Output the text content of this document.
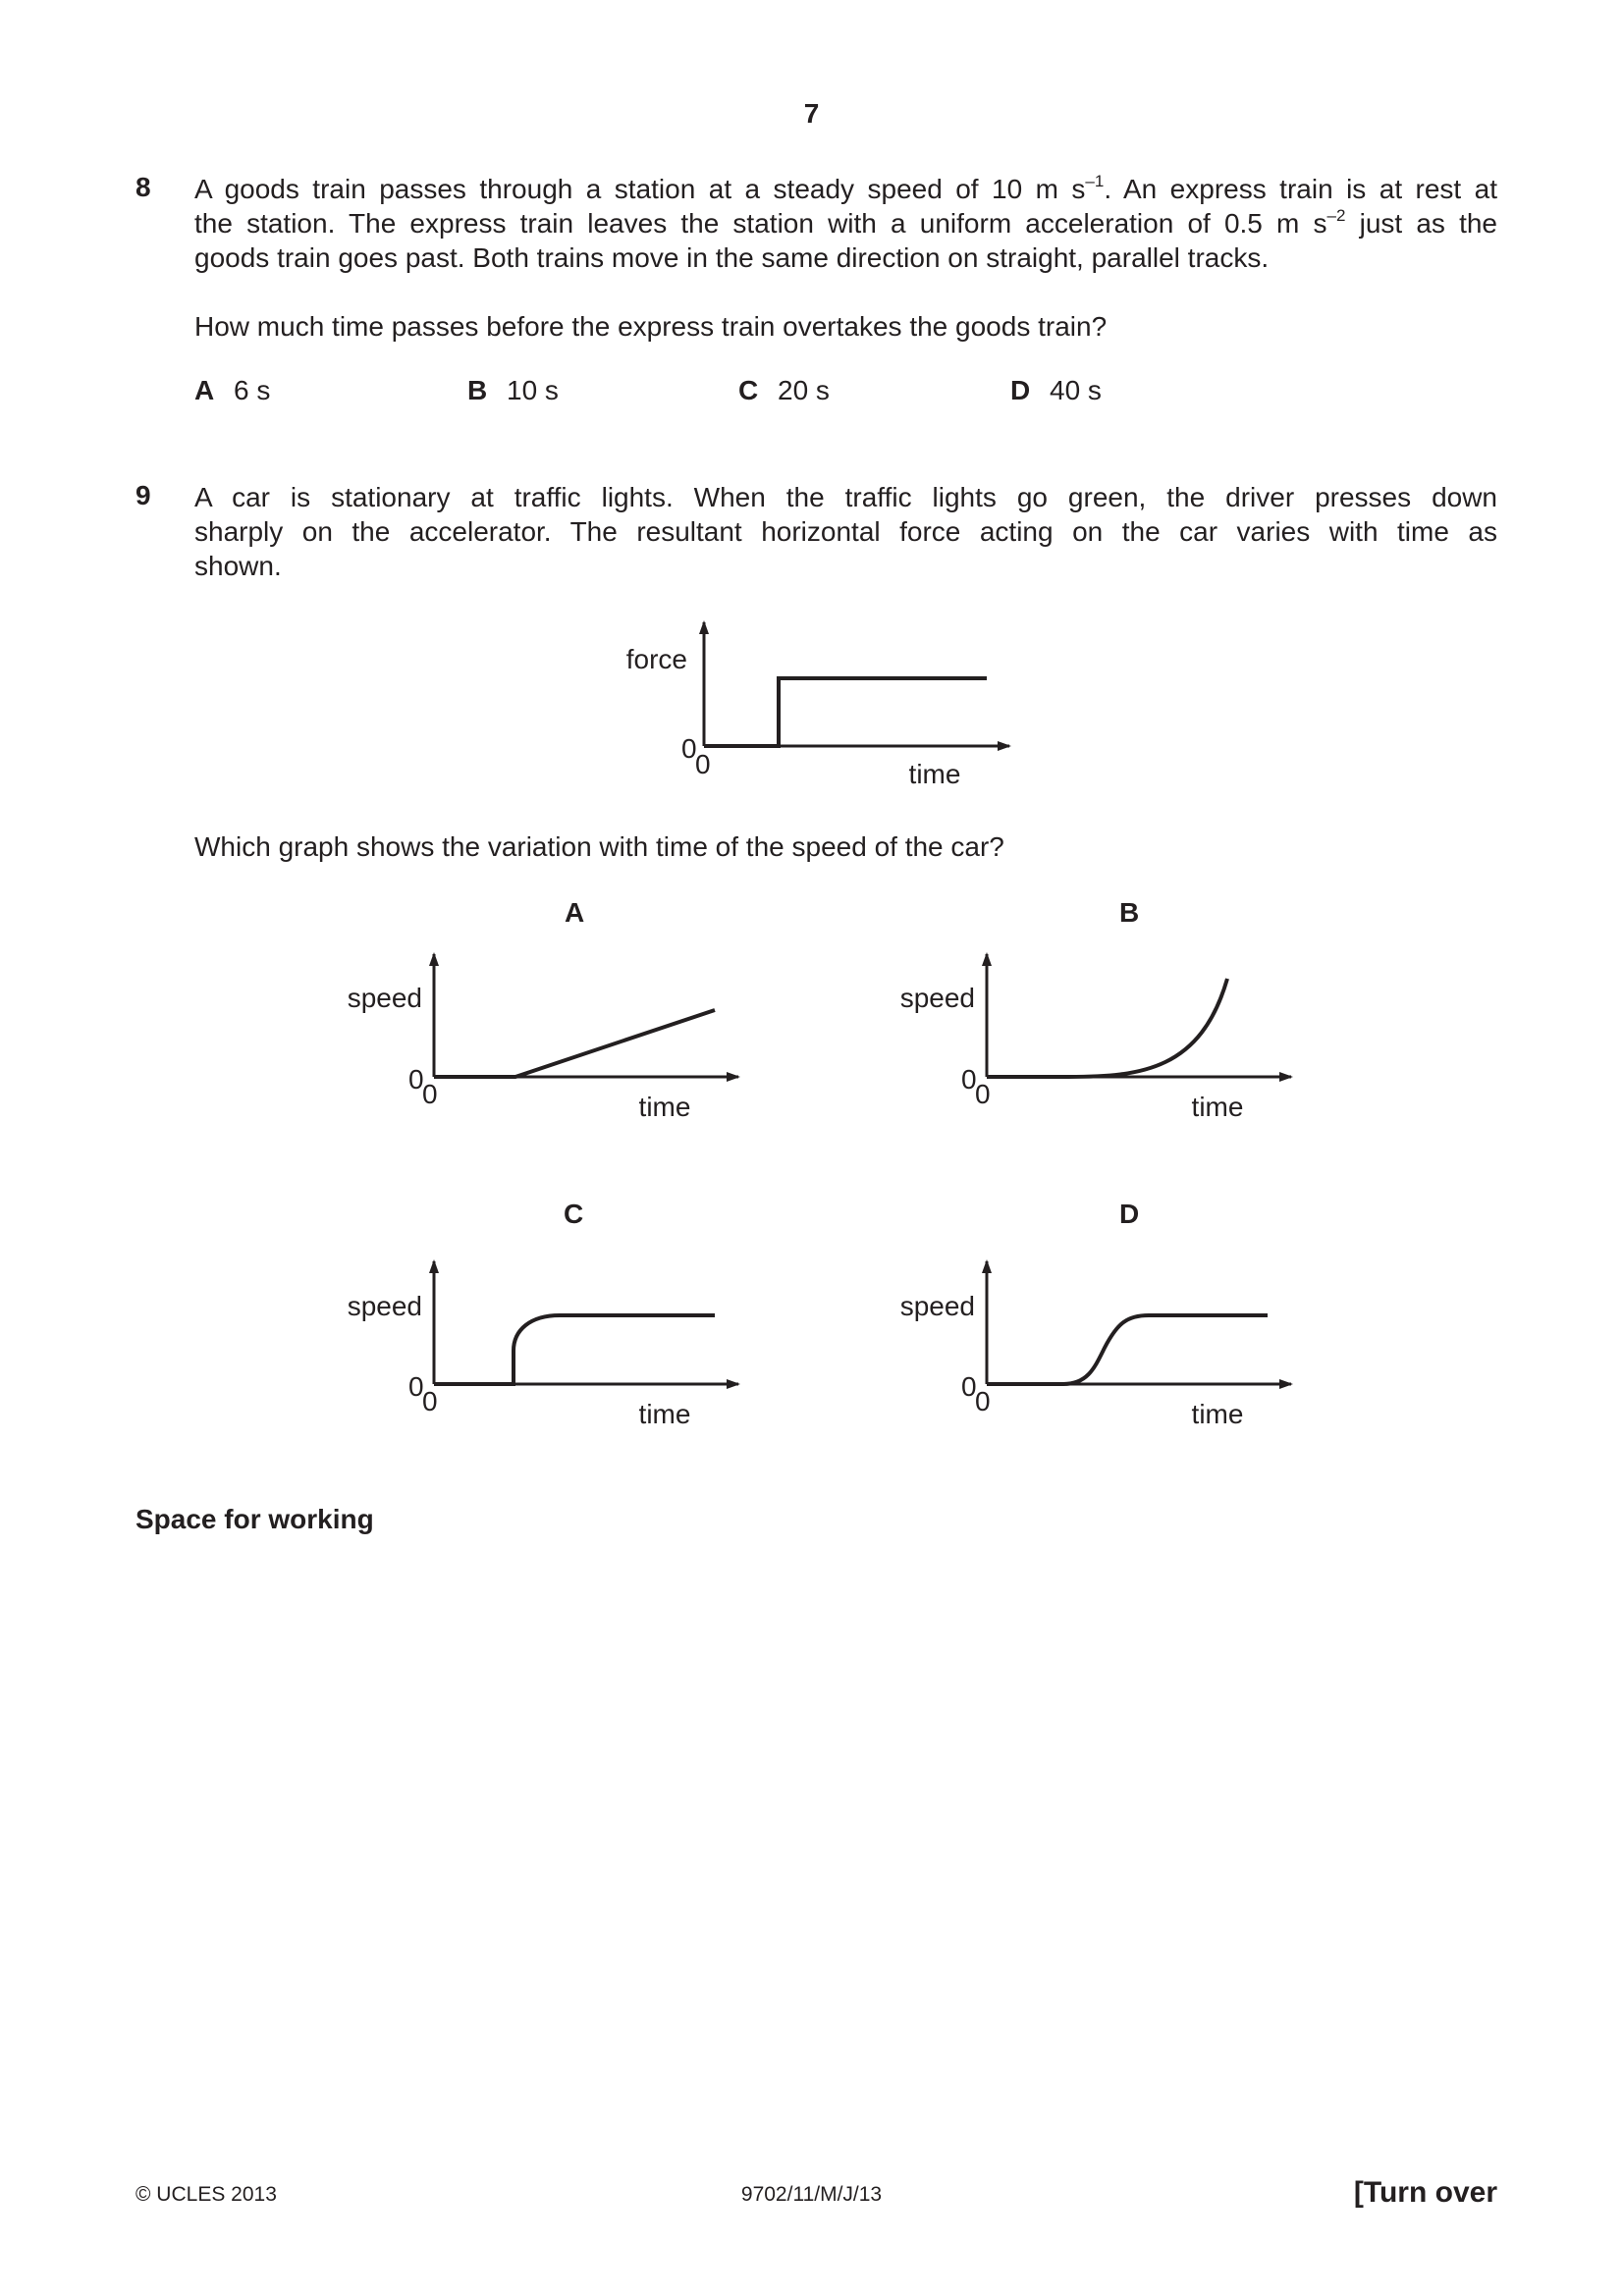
7
8 A goods train passes through a station at a steady speed of 10 m $s^{-1}$. An express train is at rest at
the station. The express train leaves the station with a uniform acceleration of 0.5 m $s^{-2}$ just as the
goods train goes past. Both trains move in the same direction on straight, parallel tracks.
How much time passes before the express train overtakes the goods train?
A 6 s	B 10 s	C 20 s	D 40 s
9 A car is stationary at traffic lights. When the traffic lights go green, the driver presses down
sharply on the accelerator. The resultant horizontal force acting on the car varies with time as
shown.
force
0
0	time
Which graph shows the variation with time of the speed of the car?
A	B
C	D
speed
0
0	time
speed
0
0	time
speed
0
0	time
speed
0
0	time
Space for working
© UCLES 2013	9702/11/M/J/13	[Turn over
